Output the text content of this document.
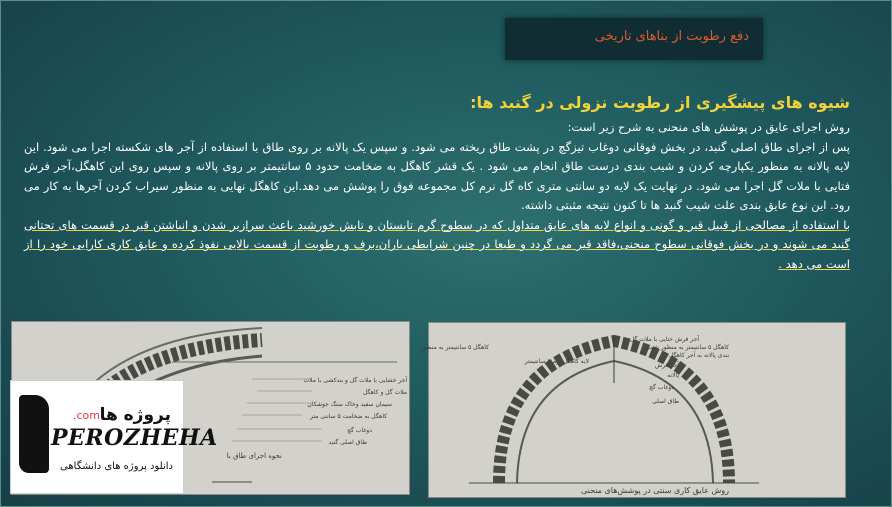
دفع رطوبت از بناهای تاریخی
شیوه های پیشگیری از رطوبت نزولی در گنبد ها:

روش اجرای عایق در پوشش های منحنی به شرح زیر است:

پس از اجرای طاق اصلی گنبد، در بخش فوقانی دوغاب تیزگچ در پشت طاق ریخته می شود. و سپس یک پالانه بر روی طاق با استفاده از آجر های شکسته اجرا می شود. این لایه پالانه به منظور یکپارچه کردن و شیب بندی درست طاق انجام می شود . یک قشر کاهگل به ضخامت حدود ۵ سانتیمتر بر روی پالانه و سپس روی این کاهگل،آجر فرش فتایی با ملات گل اجرا می شود. در نهایت یک لایه دو سانتی متری کاه گل نرم کل مجموعه فوق را پوشش می دهد.این کاهگل نهایی به منظور سیراب کردن آجرها به کار می رود. این نوع عایق بندی علت شیب گنبد ها تا کنون نتیجه مثبتی داشته.

با استفاده از مصالحی از قبیل قیر و گونی و انواع لایه های عایق متداول که در سطوح گرم تابستان و تابش خورشید باعث سرازیر شدن و انباشتن قیر در قسمت های تحتانی گنبد می شوند و در بخش فوقانی سطوح منحنی،فاقد قیر می گردد و طبعا در چنین شرایطی باران،برف و رطوبت از قسمت بالایی نفوذ کرده و عایق کاری کارایی خود را از است می دهد .

آجر خشایی با ملات گل و بندکشی با ملات
ملات گل و کاهگل
سیمان سفید وخاک سنگ جوشکان
کاهگل به ضخامت ۵ سانتی متر
دوغاب گچ
طاق اصلی گنبد
نحوه اجرای طاق با
آجر فرش ختایی با ملات گل
کاهگل ۵ سانتیمتر به منظور شیب
بندی پالانه به آجر کاهگل
آجر فرش
پالانه
دوغاب گچ
طاق اصلی
کاهگل ۵ سانتیمتر به منظور
لایه کاهگل نرم ۲ سانتیمتر
روش عایق کاری سنتی در پوشش‌های منحنی
.com پروژه ها
PEROZHEHA
دانلود پروژه های دانشگاهی
